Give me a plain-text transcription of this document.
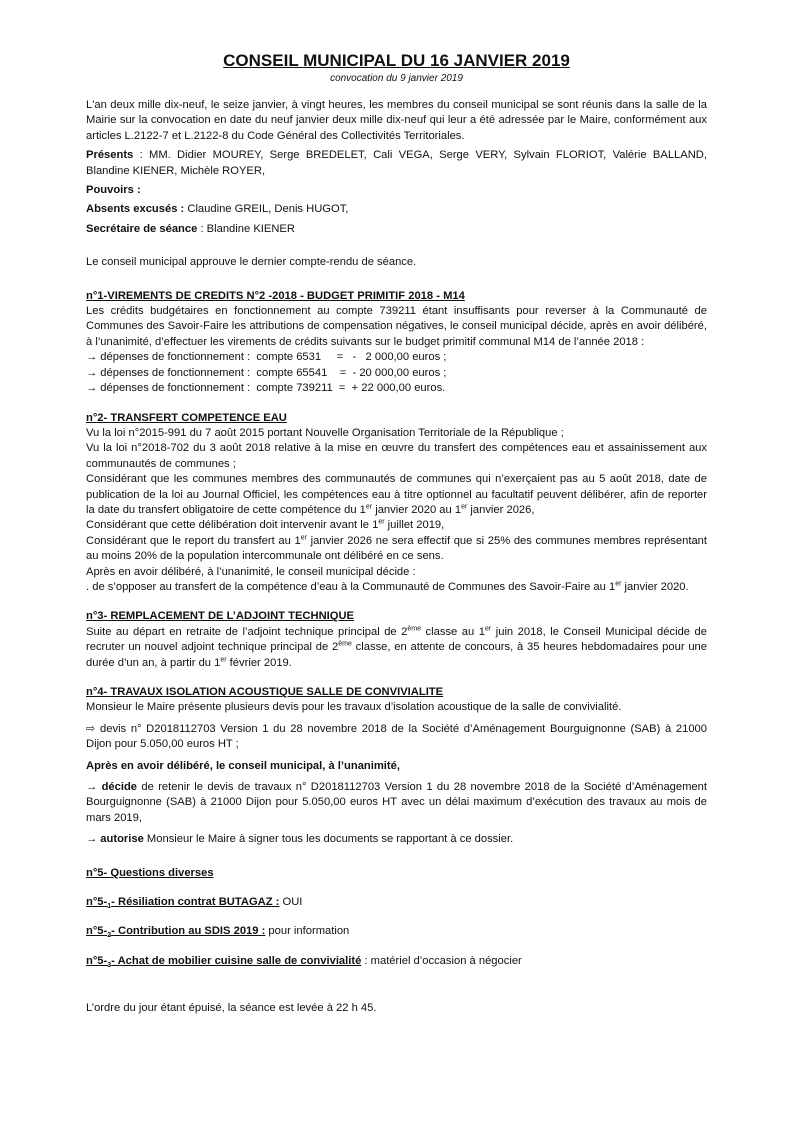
CONSEIL MUNICIPAL DU 16 JANVIER 2019
convocation du 9 janvier 2019

L'an deux mille dix-neuf, le seize janvier, à vingt heures, les membres du conseil municipal se sont réunis dans la salle de la Mairie sur la convocation en date du neuf janvier deux mille dix-neuf qui leur a été adressée par le Maire, conformément aux articles L.2122-7 et L.2122-8 du Code Général des Collectivités Territoriales.

Présents : MM. Didier MOUREY, Serge BREDELET, Cali VEGA, Serge VERY, Sylvain FLORIOT, Valérie BALLAND, Blandine KIENER, Michèle ROYER,

Pouvoirs :

Absents excusés : Claudine GREIL, Denis HUGOT,

Secrétaire de séance : Blandine KIENER

Le conseil municipal approuve le dernier compte-rendu de séance.

n°1-VIREMENTS DE CREDITS N°2 -2018 - BUDGET PRIMITIF 2018 - M14

Les crédits budgétaires en fonctionnement au compte 739211 étant insuffisants pour reverser à la Communauté de Communes des Savoir-Faire les attributions de compensation négatives, le conseil municipal décide, après en avoir délibéré, à l’unanimité, d’effectuer les virements de crédits suivants sur le budget primitif communal M14 de l’année 2018 :

→ dépenses de fonctionnement :  compte 6531     =   -   2 000,00 euros ;

→ dépenses de fonctionnement :  compte 65541    =  - 20 000,00 euros ;

→ dépenses de fonctionnement :  compte 739211  =  + 22 000,00 euros.

n°2- TRANSFERT COMPETENCE EAU

Vu la loi n°2015-991 du 7 août 2015 portant Nouvelle Organisation Territoriale de la République ;

Vu la loi n°2018-702 du 3 août 2018 relative à la mise en œuvre du transfert des compétences eau et assainissement aux communautés de communes ;

Considérant que les communes membres des communautés de communes qui n’exerçaient pas au 5 août 2018, date de publication de la loi au Journal Officiel, les compétences eau à titre optionnel au facultatif peuvent délibérer, afin de reporter la date du transfert obligatoire de cette compétence du 1er janvier 2020 au 1er janvier 2026,

Considérant que cette délibération doit intervenir avant le 1er juillet 2019,

Considérant que le report du transfert au 1er janvier 2026 ne sera effectif que si 25% des communes membres représentant au moins 20% de la population intercommunale ont délibéré en ce sens.

Après en avoir délibéré, à l’unanimité, le conseil municipal décide :

. de s’opposer au transfert de la compétence d’eau à la Communauté de Communes des Savoir-Faire au 1er janvier 2020.

n°3- REMPLACEMENT DE L’ADJOINT TECHNIQUE

Suite au départ en retraite de l’adjoint technique principal de 2ème classe au 1er juin 2018, le Conseil Municipal décide de recruter un nouvel adjoint technique principal de 2ème classe, en attente de concours, à 35 heures hebdomadaires pour une durée d’un an, à partir du 1er février 2019.

n°4- TRAVAUX ISOLATION ACOUSTIQUE SALLE DE CONVIVIALITE

Monsieur le Maire présente plusieurs devis pour les travaux d’isolation acoustique de la salle de convivialité.

⇨ devis n° D2018112703 Version 1 du 28 novembre 2018 de la Société d’Aménagement Bourguignonne (SAB) à 21000 Dijon pour 5.050,00 euros HT ;

Après en avoir délibéré, le conseil municipal, à l’unanimité,

→ décide de retenir le devis de travaux n° D2018112703 Version 1 du 28 novembre 2018 de la Société d’Aménagement Bourguignonne (SAB) à 21000 Dijon pour 5.050,00 euros HT avec un délai maximum d’exécution des travaux au mois de mars 2019,

→ autorise Monsieur le Maire à signer tous les documents se rapportant à ce dossier.

n°5- Questions diverses

$n^\circ 5-_1-$ Résiliation contrat BUTAGAZ : OUI

$n^\circ 5-_2-$ Contribution au SDIS 2019 : pour information

$n^\circ 5-_3-$ Achat de mobilier cuisine salle de convivialité : matériel d’occasion à négocier

L’ordre du jour étant épuisé, la séance est levée à 22 h 45.
